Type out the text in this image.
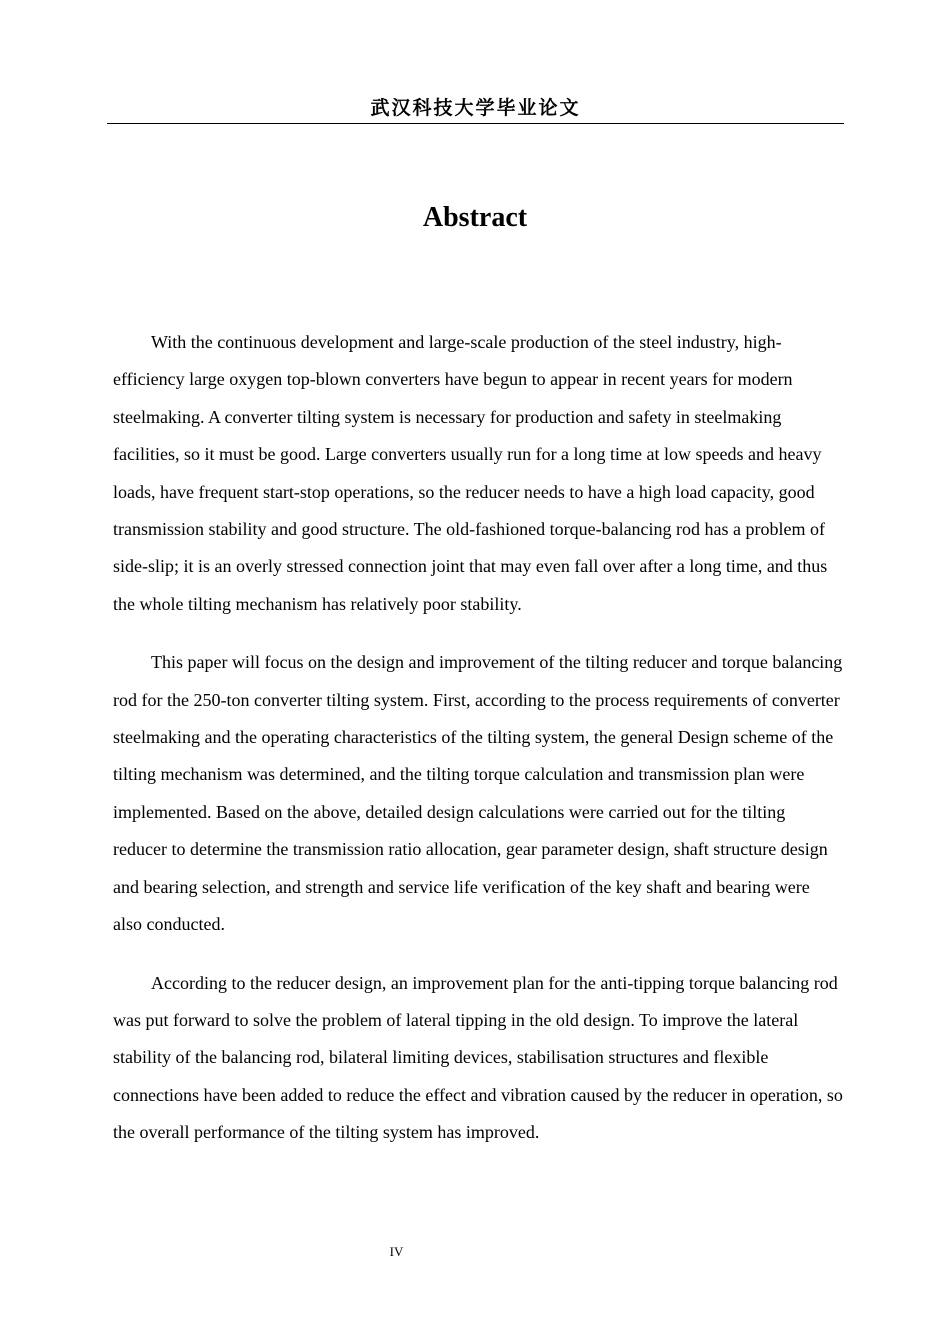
武汉科技大学毕业论文
Abstract

With the continuous development and large-scale production of the steel industry, high-efficiency large oxygen top-blown converters have begun to appear in recent years for modern steelmaking. A converter tilting system is necessary for production and safety in steelmaking facilities, so it must be good. Large converters usually run for a long time at low speeds and heavy loads, have frequent start-stop operations, so the reducer needs to have a high load capacity, good transmission stability and good structure. The old-fashioned torque-balancing rod has a problem of side-slip; it is an overly stressed connection joint that may even fall over after a long time, and thus the whole tilting mechanism has relatively poor stability.

This paper will focus on the design and improvement of the tilting reducer and torque balancing rod for the 250-ton converter tilting system. First, according to the process requirements of converter steelmaking and the operating characteristics of the tilting system, the general Design scheme of the tilting mechanism was determined, and the tilting torque calculation and transmission plan were implemented. Based on the above, detailed design calculations were carried out for the tilting reducer to determine the transmission ratio allocation, gear parameter design, shaft structure design and bearing selection, and strength and service life verification of the key shaft and bearing were also conducted.

According to the reducer design, an improvement plan for the anti-tipping torque balancing rod was put forward to solve the problem of lateral tipping in the old design. To improve the lateral stability of the balancing rod, bilateral limiting devices, stabilisation structures and flexible connections have been added to reduce the effect and vibration caused by the reducer in operation, so the overall performance of the tilting system has improved.

IV
